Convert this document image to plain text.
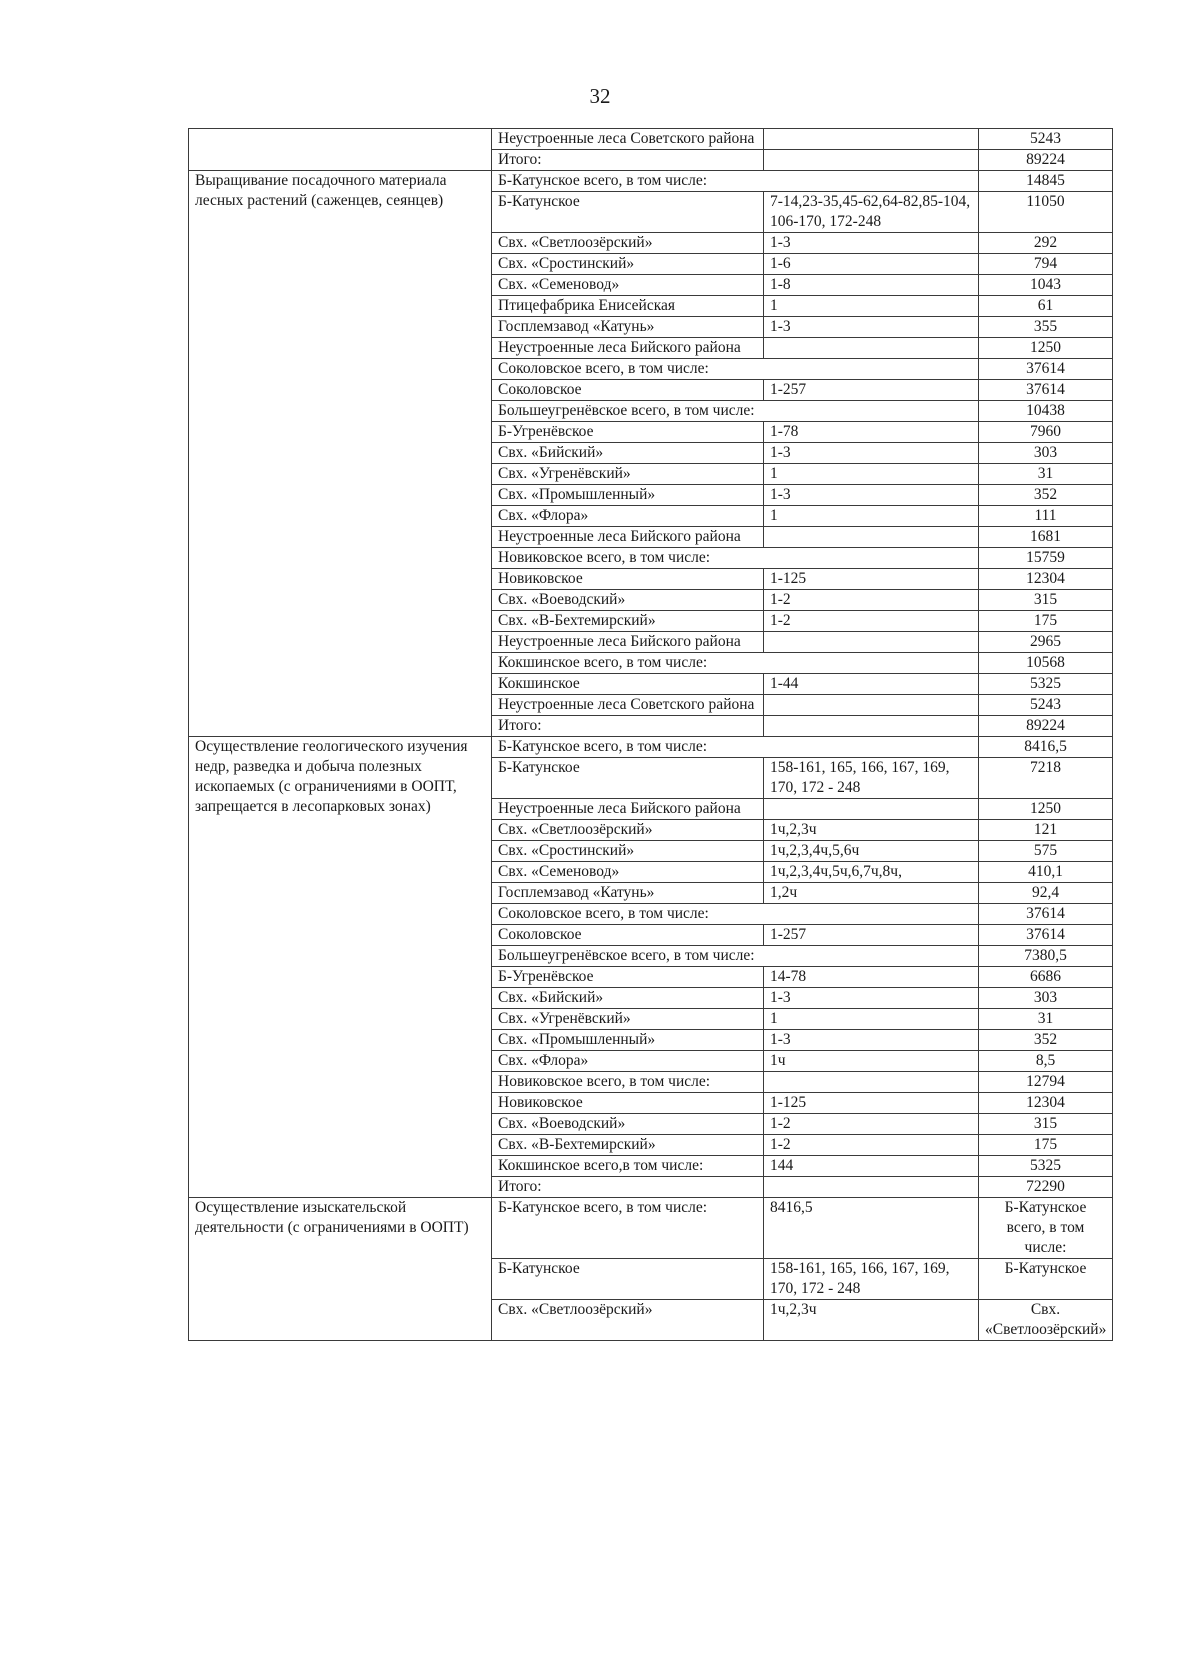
32
	Неустроенные леса Советского района		5243
	Итого:		89224
Выращивание посадочного материала лесных растений (саженцев, сеянцев)	Б-Катунское всего, в том числе:		14845
	Б-Катунское	7-14,23-35,45-62,64-82,85-104, 106-170, 172-248	11050
	Свх. «Светлоозёрский»	1-3	292
	Свх. «Сростинский»	1-6	794
	Свх. «Семеновод»	1-8	1043
	Птицефабрика Енисейская	1	61
	Госплемзавод «Катунь»	1-3	355
	Неустроенные леса Бийского района		1250
	Соколовское всего, в том числе:		37614
	Соколовское	1-257	37614
	Большеугренёвское всего, в том числе:		10438
	Б-Угренёвское	1-78	7960
	Свх. «Бийский»	1-3	303
	Свх. «Угренёвский»	1	31
	Свх. «Промышленный»	1-3	352
	Свх. «Флора»	1	111
	Неустроенные леса Бийского района		1681
	Новиковское всего, в том числе:		15759
	Новиковское	1-125	12304
	Свх. «Воеводский»	1-2	315
	Свх. «В-Бехтемирский»	1-2	175
	Неустроенные леса Бийского района		2965
	Кокшинское всего, в том числе:		10568
	Кокшинское	1-44	5325
	Неустроенные леса Советского района		5243
	Итого:		89224
Осуществление геологического изучения недр, разведка и добыча полезных ископаемых (с ограничениями в ООПТ, запрещается в лесопарковых зонах)	Б-Катунское всего, в том числе:		8416,5
	Б-Катунское	158-161, 165, 166, 167, 169, 170, 172 - 248	7218
	Неустроенные леса Бийского района		1250
	Свх. «Светлоозёрский»	1ч,2,3ч	121
	Свх. «Сростинский»	1ч,2,3,4ч,5,6ч	575
	Свх. «Семеновод»	1ч,2,3,4ч,5ч,6,7ч,8ч,	410,1
	Госплемзавод «Катунь»	1,2ч	92,4
	Соколовское всего, в том числе:		37614
	Соколовское	1-257	37614
	Большеугренёвское всего, в том числе:		7380,5
	Б-Угренёвское	14-78	6686
	Свх. «Бийский»	1-3	303
	Свх. «Угренёвский»	1	31
	Свх. «Промышленный»	1-3	352
	Свх. «Флора»	1ч	8,5
	Новиковское всего, в том числе:		12794
	Новиковское	1-125	12304
	Свх. «Воеводский»	1-2	315
	Свх. «В-Бехтемирский»	1-2	175
	Кокшинское всего,в том числе:	144	5325
	Итого:		72290
Осуществление изыскательской деятельности (с ограничениями в ООПТ)	Б-Катунское всего, в том числе:	8416,5	Б-Катунское всего, в том числе:
	Б-Катунское	158-161, 165, 166, 167, 169, 170, 172 - 248	Б-Катунское
	Свх. «Светлоозёрский»	1ч,2,3ч	Свх. «Светлоозёрский»
